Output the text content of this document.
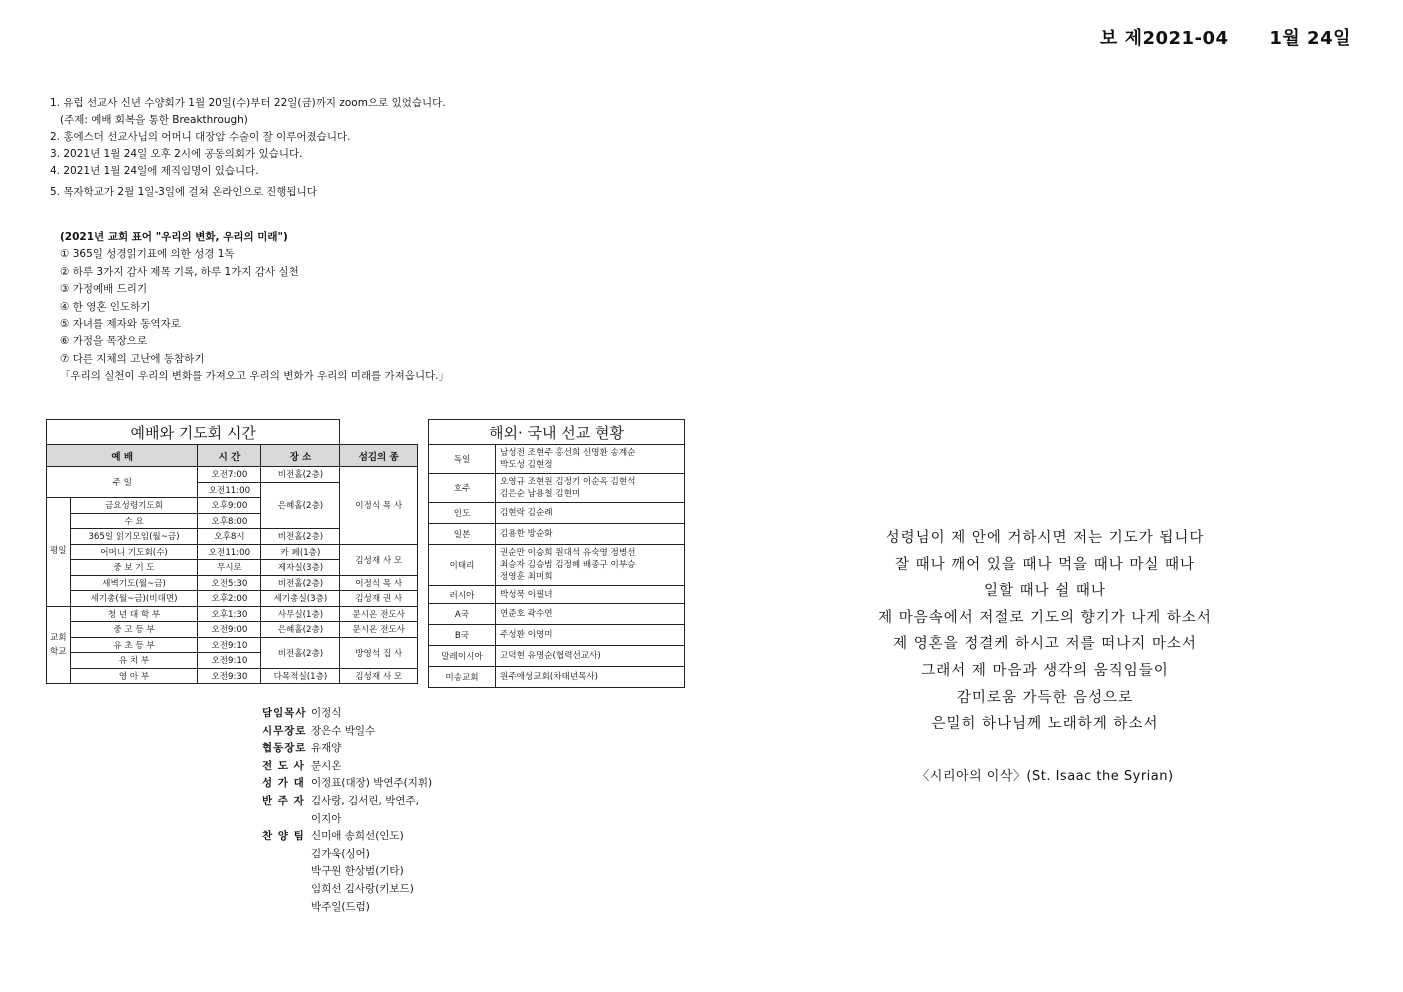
보 제2021-04 1월 24일
1. 유럽 선교사 신년 수양회가 1월 20일(수)부터 22일(금)까지 zoom으로 있었습니다.
(주제: 예배 회복을 통한 Breakthrough)
2. 홍에스더 선교사님의 어머니 대장암 수술이 잘 이루어졌습니다.
3. 2021년 1월 24일 오후 2시에 공동의회가 있습니다.
4. 2021년 1월 24일에 제직임명이 있습니다.
5. 목자학교가 2월 1일-3일에 걸쳐 온라인으로 진행됩니다
(2021년 교회 표어 "우리의 변화, 우리의 미래")
① 365일 성경읽기표에 의한 성경 1독
② 하루 3가지 감사 제목 기록, 하루 1가지 감사 실천
③ 가정예배 드리기
④ 한 영혼 인도하기
⑤ 자녀를 제자와 동역자로
⑥ 가정을 목장으로
⑦ 다른 지체의 고난에 동참하기
「우리의 실천이 우리의 변화를 가져오고 우리의 변화가 우리의 미래를 가져옵니다.」
예배와 기도회 시간				
예 배		시 간	장 소	섬김의 종
주 일		오전7:00	비전홀(2층)	이정식 목 사
		오전11:00	은혜홀(2층)	
평일	금요성령기도회	오후9:00		
	수 요	오후8:00		
	365일 읽기모임(월~금)	오후8시	비전홀(2층)	
	어머니 기도회(수)	오전11:00	카 페(1층)	김성재 사 모
	중 보 기 도	무시로	제자실(3층)	
	새벽기도(월~금)	오전5:30	비전홀(2층)	이정식 목 사
	세기총(월~금)(비대면)	오후2:00	세기총실(3층)	김성재 권 사
교회학교	청 년 대 학 부	오후1:30	사무실(1층)	문시온 전도사
	중 고 등 부	오전9:00	은혜홀(2층)	문시온 전도사
	유 초 등 부	오전9:10	비전홀(2층)	방영석 집 사
	유 치 부	오전9:10		
	영 아 부	오전9:30	다목적실(1층)	김성재 사 모
해외· 국내 선교 현황	
독일	남성전 조현주 홍선희 신명환 송계순
박도성 김현정

호주	오영규 조현원 김정기 이순옥 김현석
김은순 남용철 김현미

인도	김현락 김순례
일본	김용한 방순화
이태리	권순만 이승희 원대석 유숙영 정병선
최승자 김승범 김정혜 배종구 이부승
정영훈 최미희

러시아	박성묵 이필녀
A국	연준호 곽수연
B국	주성환 이영미
말레이시아	고덕현 유명순(협력선교사)
미송교회	원주애성교회(차태년목사)
담임목사 이정식
시무장로 장은수 박일수
협동장로 유재양
전 도 사 문시온
성 가 대 이정표(대장) 박연주(지휘)
반 주 자 김사랑, 김서린, 박연주,
이지아
찬 양 팀 신미애 송희선(인도)
김가욱(싱어)
박구원 한상범(기타)
임희선 김사랑(키보드)
박주일(드럼)
성령님이 제 안에 거하시면 저는 기도가 됩니다
잘 때나 깨어 있을 때나 먹을 때나 마실 때나
일할 때나 쉴 때나
제 마음속에서 저절로 기도의 향기가 나게 하소서
제 영혼을 정결케 하시고 저를 떠나지 마소서
그래서 제 마음과 생각의 움직임들이
감미로움 가득한 음성으로
은밀히 하나님께 노래하게 하소서
〈시리아의 이삭〉(St. Isaac the Syrian)
